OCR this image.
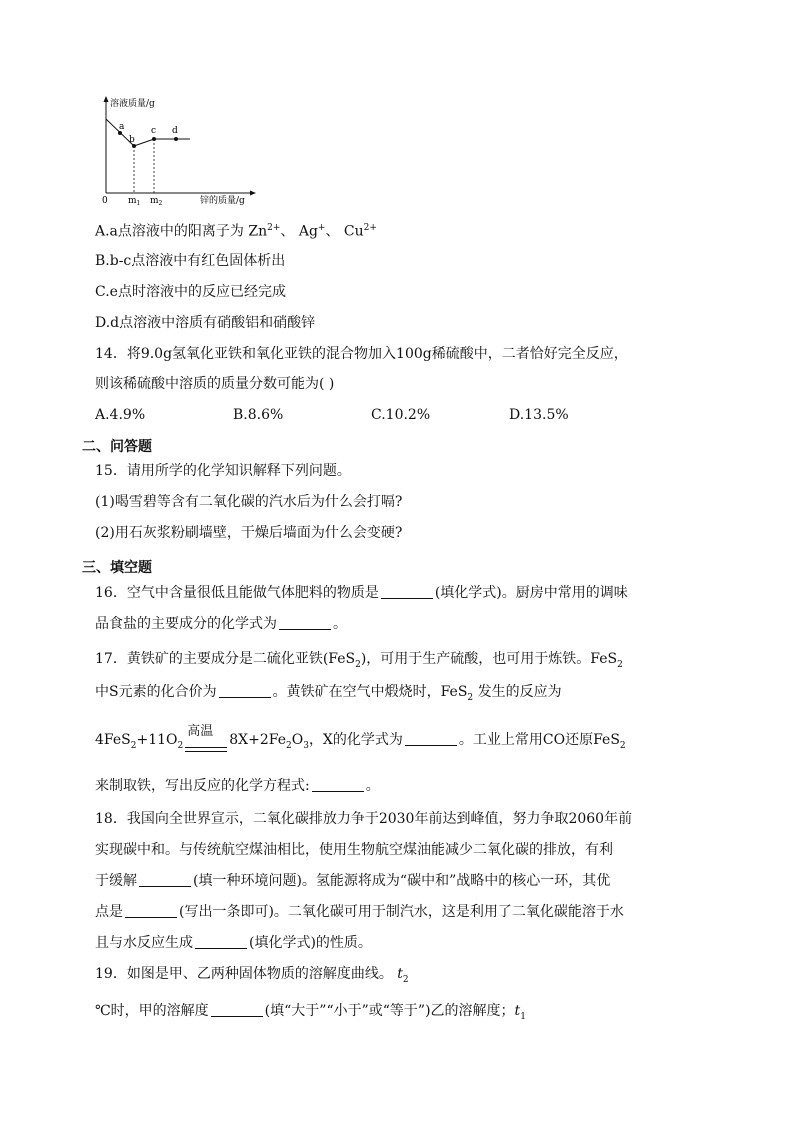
溶液质量/g
a
b
c d
0 $m_1$ $m_2$	锌的质量/g
A.a点溶液中的阳离子为 $Zn^{2+}$、 Ag+、 $Cu^{2+}$
B.b-c点溶液中有红色固体析出
C.e点时溶液中的反应已经完成
D.d点溶液中溶质有硝酸铝和硝酸锌
14．将9.0g氢氧化亚铁和氧化亚铁的混合物加入100g稀硫酸中，二者恰好完全反应，
则该稀硫酸中溶质的质量分数可能为( )
A.4.9%	B.8.6%	C.10.2%	D.13.5%
二、问答题
15．请用所学的化学知识解释下列问题。
(1)喝雪碧等含有二氧化碳的汽水后为什么会打嗝?
(2)用石灰浆粉刷墙壁，干燥后墙面为什么会变硬?
三、填空题
16．空气中含量很低且能做气体肥料的物质是	(填化学式)。厨房中常用的调味
品食盐的主要成分的化学式为	。
17．黄铁矿的主要成分是二硫化亚铁(FeS$_2$)，可用于生产硫酸，也可用于炼铁。FeS$_2$
中S元素的化合价为	。黄铁矿在空气中煅烧时，FeS$_2$ 发生的反应为
$4FeS_2+11O_2$
高温
$8X+2Fe_2O_3$，X的化学式为	。工业上常用CO还原FeS$_2$
来制取铁，写出反应的化学方程式:	。
18．我国向全世界宣示，二氧化碳排放力争于2030年前达到峰值，努力争取2060年前
实现碳中和。与传统航空煤油相比，使用生物航空煤油能减少二氧化碳的排放，有利
于缓解	(填一种环境问题)。氢能源将成为“碳中和”战略中的核心一环，其优
点是	(写出一条即可)。二氧化碳可用于制汽水，这是利用了二氧化碳能溶于水
且与水反应生成	(填化学式)的性质。
19．如图是甲、乙两种固体物质的溶解度曲线。 $t_2$
℃时，甲的溶解度	(填“大于”“小于”或“等于”)乙的溶解度；$t_1$
